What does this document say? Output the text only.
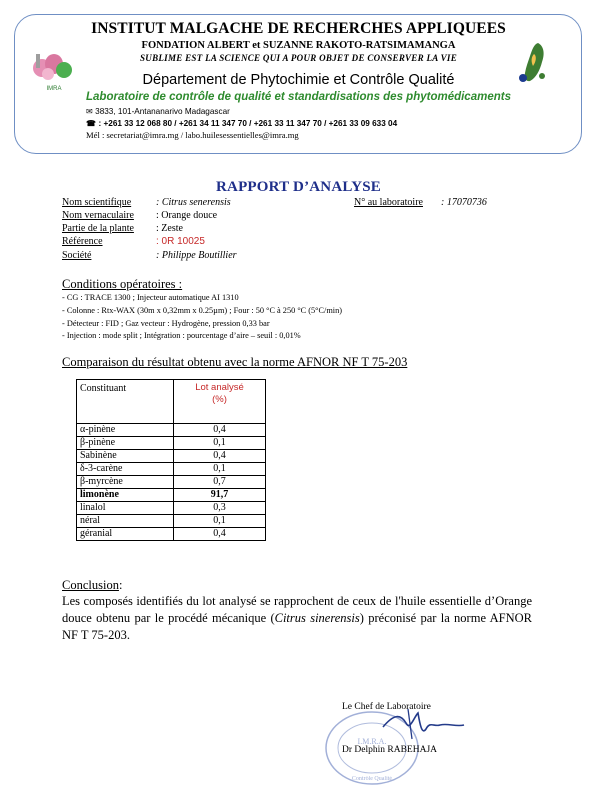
IMRA
INSTITUT MALGACHE DE RECHERCHES APPLIQUEES
FONDATION ALBERT et SUZANNE RAKOTO-RATSIMAMANGA
SUBLIME EST LA SCIENCE QUI A POUR OBJET DE CONSERVER LA VIE
Département de Phytochimie et Contrôle Qualité
Laboratoire de contrôle de qualité et standardisations des phytomédicaments
✉ 3833, 101-Antananarivo Madagascar
☎ : +261 33 12 068 80 / +261 34 11 347 70 / +261 33 11 347 70 / +261 33 09 633 04
Mél : secretariat@imra.mg / labo.huilesessentielles@imra.mg
RAPPORT D’ANALYSE
Nom scientifique : Citrus senerensis	N° au laboratoire : 17070736
Nom vernaculaire : Orange douce
Partie de la plante : Zeste
Référence	: 0R 10025
Société	: Philippe Boutillier
Conditions opératoires :
- CG : TRACE 1300 ; Injecteur automatique AI 1310
- Colonne : Rtx-WAX (30m x 0,32mm x 0.25µm) ; Four : 50 °C à 250 °C (5°C/min)
- Détecteur : FID ; Gaz vecteur : Hydrogène, pression 0,33 bar
- Injection : mode split ; Intégration : pourcentage d’aire – seuil : 0,01%
Comparaison du résultat obtenu avec la norme AFNOR NF T 75-203
Constituant	Lot analysé
(%)

α-pinène	0,4
β-pinène	0,1
Sabinène	0,4
δ-3-carène	0,1
β-myrcène	0,7
limonène	91,7
linalol	0,3
néral	0,1
géranial	0,4
Conclusion:
Les composés identifiés du lot analysé se rapprochent de ceux de l'huile essentielle d’Orange douce obtenu par le procédé mécanique (Citrus sinerensis) préconisé par la norme AFNOR NF T 75-203.
I.M.R.A.
Contrôle Qualité
Le Chef de Laboratoire
Dr Delphin RABEHAJA
